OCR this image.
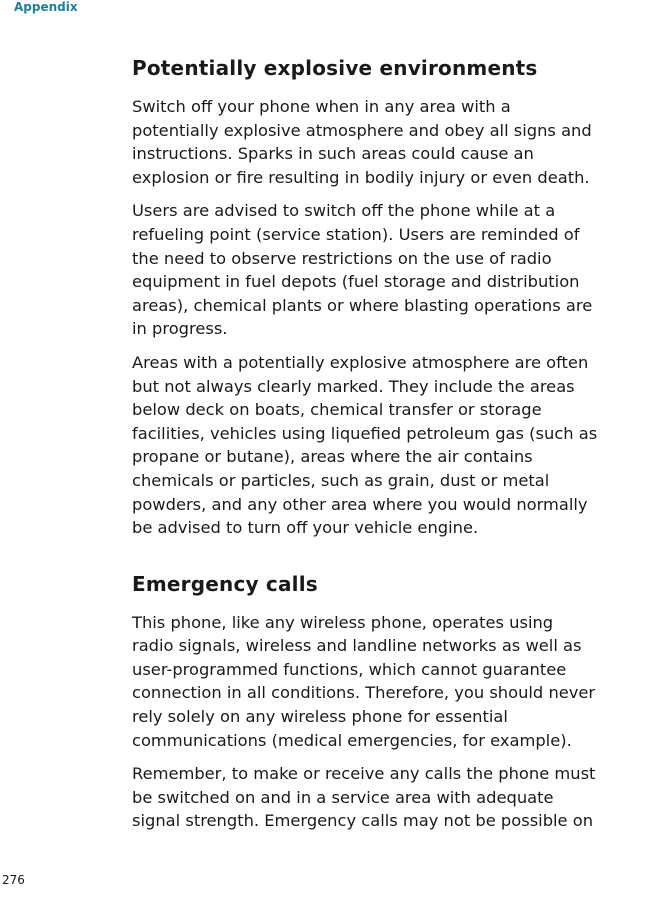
Appendix
Potentially explosive environments

Switch off your phone when in any area with a
potentially explosive atmosphere and obey all signs and
instructions. Sparks in such areas could cause an
explosion or fire resulting in bodily injury or even death.

Users are advised to switch off the phone while at a
refueling point (service station). Users are reminded of
the need to observe restrictions on the use of radio
equipment in fuel depots (fuel storage and distribution
areas), chemical plants or where blasting operations are
in progress.

Areas with a potentially explosive atmosphere are often
but not always clearly marked. They include the areas
below deck on boats, chemical transfer or storage
facilities, vehicles using liquefied petroleum gas (such as
propane or butane), areas where the air contains
chemicals or particles, such as grain, dust or metal
powders, and any other area where you would normally
be advised to turn off your vehicle engine.

Emergency calls

This phone, like any wireless phone, operates using
radio signals, wireless and landline networks as well as
user-programmed functions, which cannot guarantee
connection in all conditions. Therefore, you should never
rely solely on any wireless phone for essential
communications (medical emergencies, for example).

Remember, to make or receive any calls the phone must
be switched on and in a service area with adequate
signal strength. Emergency calls may not be possible on

276
